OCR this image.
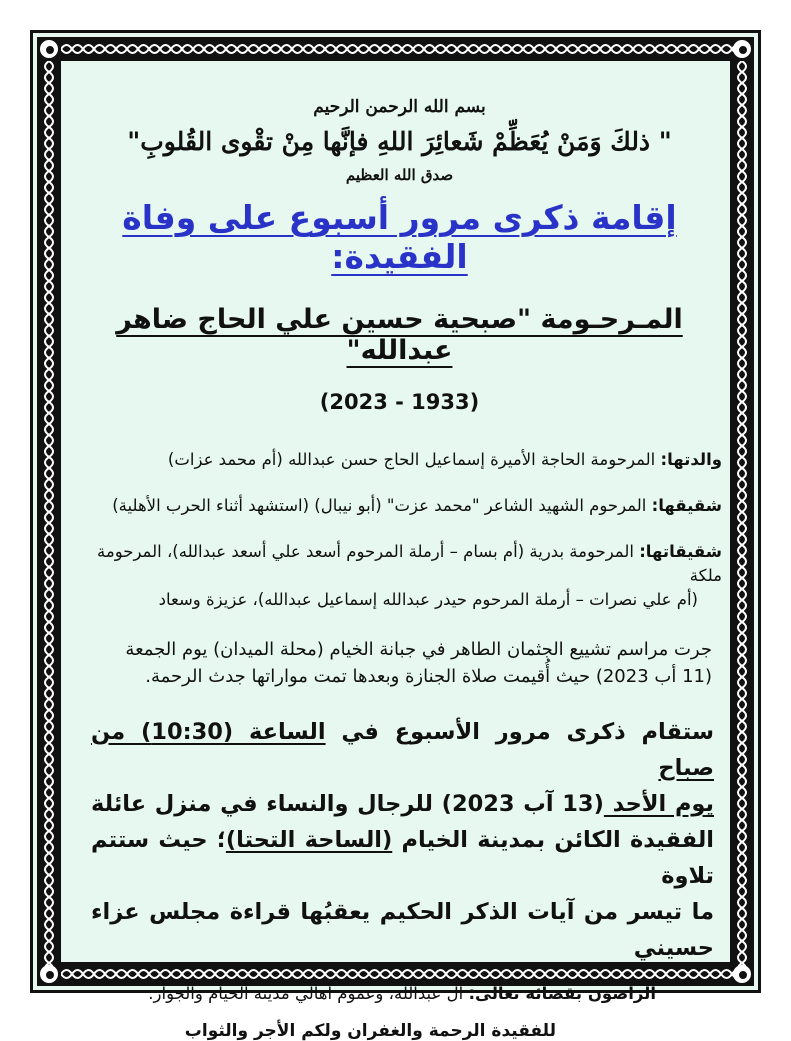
بسم الله الرحمن الرحيم
" ذلكَ وَمَنْ يُعَظِّمْ شَعائِرَ اللهِ فإنَّها مِنْ تقْوى القُلوبِ"
صدق الله العظيم
إقامة ذكرى مرور أسبوع على وفاة الفقيدة:
المـرحـومة "صبحية حسين علي الحاج ضاهر عبدالله"
(1933 - 2023)
والدتها: المرحومة الحاجة الأميرة إسماعيل الحاج حسن عبدالله (أم محمد عزات)
شقيقها: المرحوم الشهيد الشاعر "محمد عزت" (أبو نيبال) (استشهد أثناء الحرب الأهلية)
شقيقاتها: المرحومة بدرية (أم بسام – أرملة المرحوم أسعد علي أسعد عبدالله)، المرحومة ملكة
(أم علي نصرات – أرملة المرحوم حيدر عبدالله إسماعيل عبدالله)، عزيزة وسعاد
جرت مراسم تشييع الجثمان الطاهر في جبانة الخيام (محلة الميدان) يوم الجمعة
(11 أب 2023) حيث أُقيمت صلاة الجنازة وبعدها تمت مواراتها جدث الرحمة.
ستقام ذكرى مرور الأسبوع في الساعة (10:30) من صباح
يوم الأحد (13 آب 2023) للرجال والنساء في منزل عائلة
الفقيدة الكائن بمدينة الخيام (الساحة التحتا)؛ حيث ستتم تلاوة
ما تيسر من آيات الذكر الحكيم يعقبُها قراءة مجلس عزاء حسيني
الراضون بقضائه تعالى: آل عبدالله، وعموم أهالي مدينة الخيام والجوار.
للفقيدة الرحمة والغفران ولكم الأجر والثواب
